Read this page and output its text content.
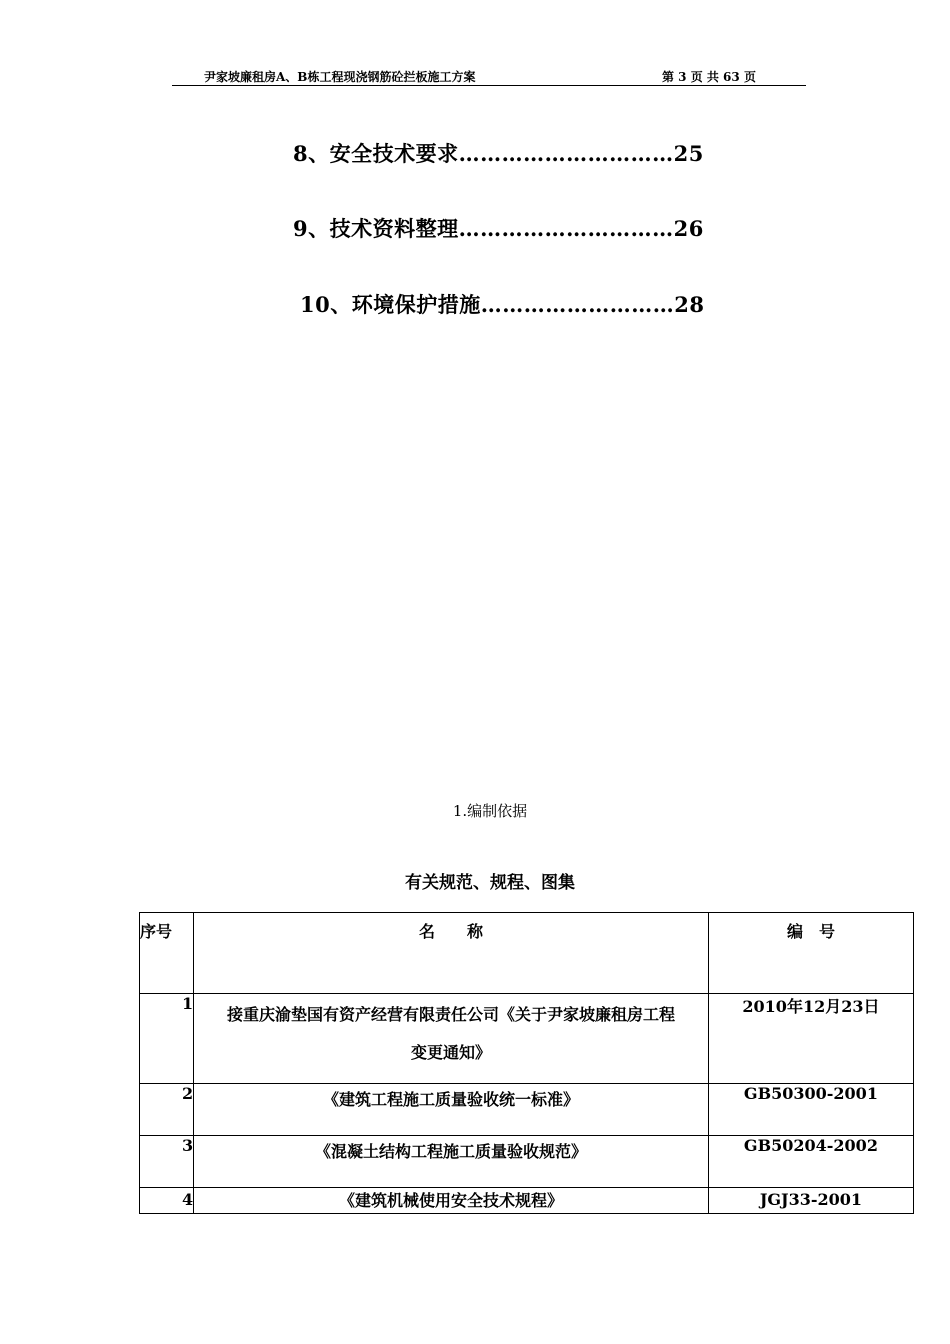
尹家坡廉租房A、B栋工程现浇钢筋砼拦板施工方案	第 3 页 共 63 页
8、安全技术要求…………………………25
9、技术资料整理…………………………26
10、环境保护措施………………………28
1.编制依据
有关规范、规程、图集
序号	名　　称	编　号
1	接重庆渝垫国有资产经营有限责任公司《关于尹家坡廉租房工程变更通知》	2010年12月23日
2	《建筑工程施工质量验收统一标准》	GB50300-2001
3	《混凝土结构工程施工质量验收规范》	GB50204-2002
4	《建筑机械使用安全技术规程》	JGJ33-2001
